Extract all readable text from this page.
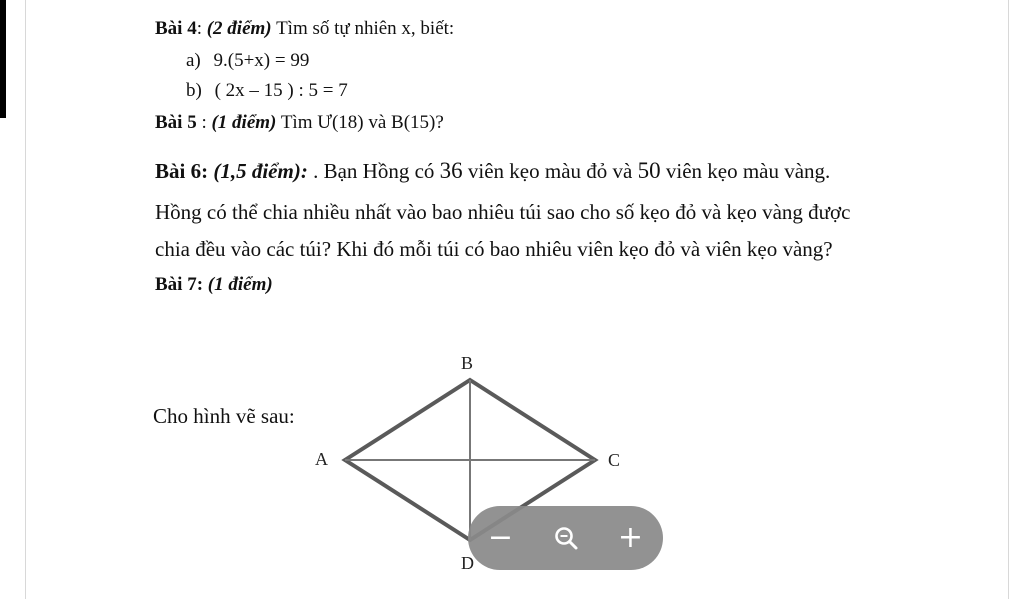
Bài 4: (2 điểm) Tìm số tự nhiên x, biết:
a) 9.(5+x) = 99
b) ( 2x – 15 ) : 5 = 7
Bài 5 : (1 điểm) Tìm Ư(18) và B(15)?
Bài 6: (1,5 điểm): . Bạn Hồng có 36 viên kẹo màu đỏ và 50 viên kẹo màu vàng.
Hồng có thể chia nhiều nhất vào bao nhiêu túi sao cho số kẹo đỏ và kẹo vàng được
chia đều vào các túi? Khi đó mỗi túi có bao nhiêu viên kẹo đỏ và viên kẹo vàng?
Bài 7: (1 điểm)
Cho hình vẽ sau:
B
A	C
D
−	+
